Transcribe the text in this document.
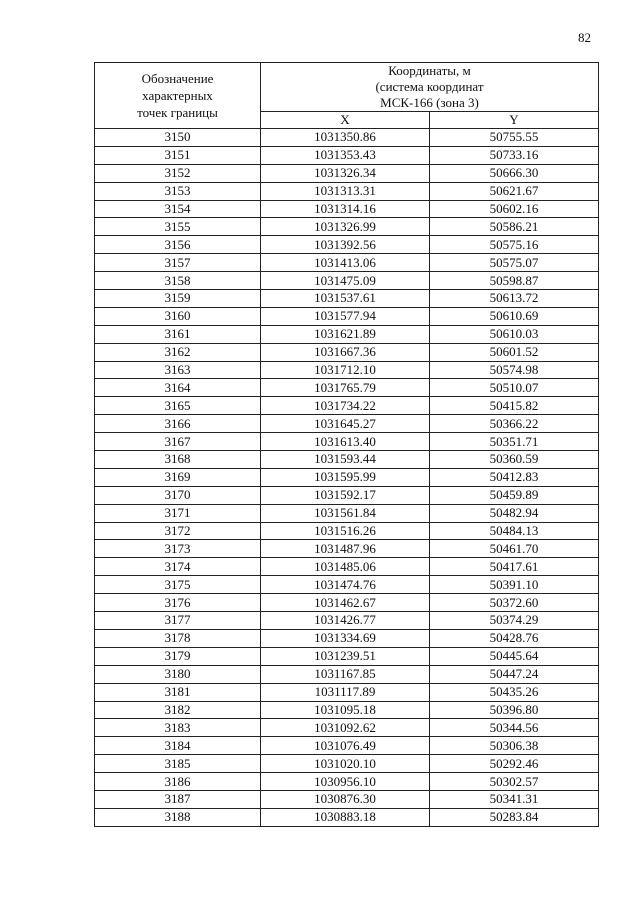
82
Обозначение
характерных
точек границы	Координаты, м
(система координат
МСК-166 (зона 3)	

	X	Y
3150	1031350.86	50755.55
3151	1031353.43	50733.16
3152	1031326.34	50666.30
3153	1031313.31	50621.67
3154	1031314.16	50602.16
3155	1031326.99	50586.21
3156	1031392.56	50575.16
3157	1031413.06	50575.07
3158	1031475.09	50598.87
3159	1031537.61	50613.72
3160	1031577.94	50610.69
3161	1031621.89	50610.03
3162	1031667.36	50601.52
3163	1031712.10	50574.98
3164	1031765.79	50510.07
3165	1031734.22	50415.82
3166	1031645.27	50366.22
3167	1031613.40	50351.71
3168	1031593.44	50360.59
3169	1031595.99	50412.83
3170	1031592.17	50459.89
3171	1031561.84	50482.94
3172	1031516.26	50484.13
3173	1031487.96	50461.70
3174	1031485.06	50417.61
3175	1031474.76	50391.10
3176	1031462.67	50372.60
3177	1031426.77	50374.29
3178	1031334.69	50428.76
3179	1031239.51	50445.64
3180	1031167.85	50447.24
3181	1031117.89	50435.26
3182	1031095.18	50396.80
3183	1031092.62	50344.56
3184	1031076.49	50306.38
3185	1031020.10	50292.46
3186	1030956.10	50302.57
3187	1030876.30	50341.31
3188	1030883.18	50283.84
